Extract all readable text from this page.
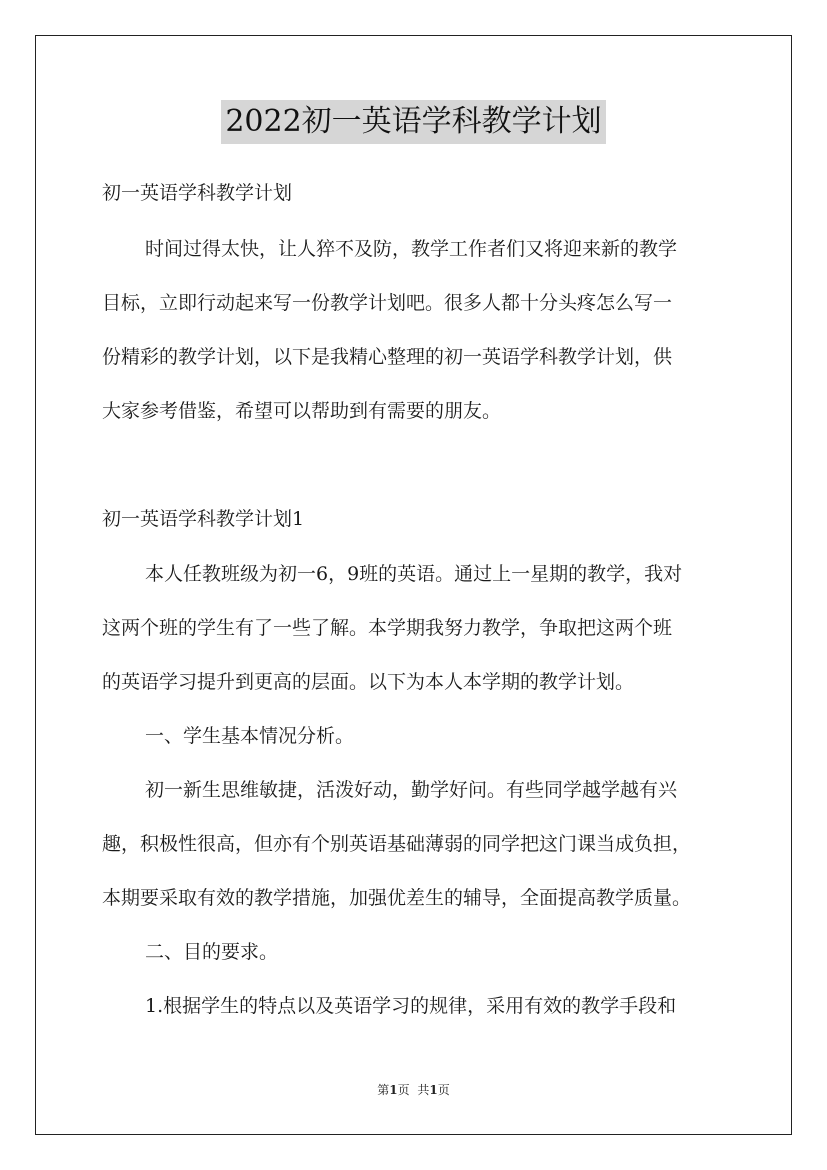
2022初一英语学科教学计划
初一英语学科教学计划
时间过得太快，让人猝不及防，教学工作者们又将迎来新的教学
目标，立即行动起来写一份教学计划吧。很多人都十分头疼怎么写一
份精彩的教学计划，以下是我精心整理的初一英语学科教学计划，供
大家参考借鉴，希望可以帮助到有需要的朋友。
初一英语学科教学计划1
本人任教班级为初一6，9班的英语。通过上一星期的教学，我对
这两个班的学生有了一些了解。本学期我努力教学，争取把这两个班
的英语学习提升到更高的层面。以下为本人本学期的教学计划。
一、学生基本情况分析。
初一新生思维敏捷，活泼好动，勤学好问。有些同学越学越有兴
趣，积极性很高，但亦有个别英语基础薄弱的同学把这门课当成负担，
本期要采取有效的教学措施，加强优差生的辅导，全面提高教学质量。
二、目的要求。
1.根据学生的特点以及英语学习的规律，采用有效的教学手段和
第1页 共1页
